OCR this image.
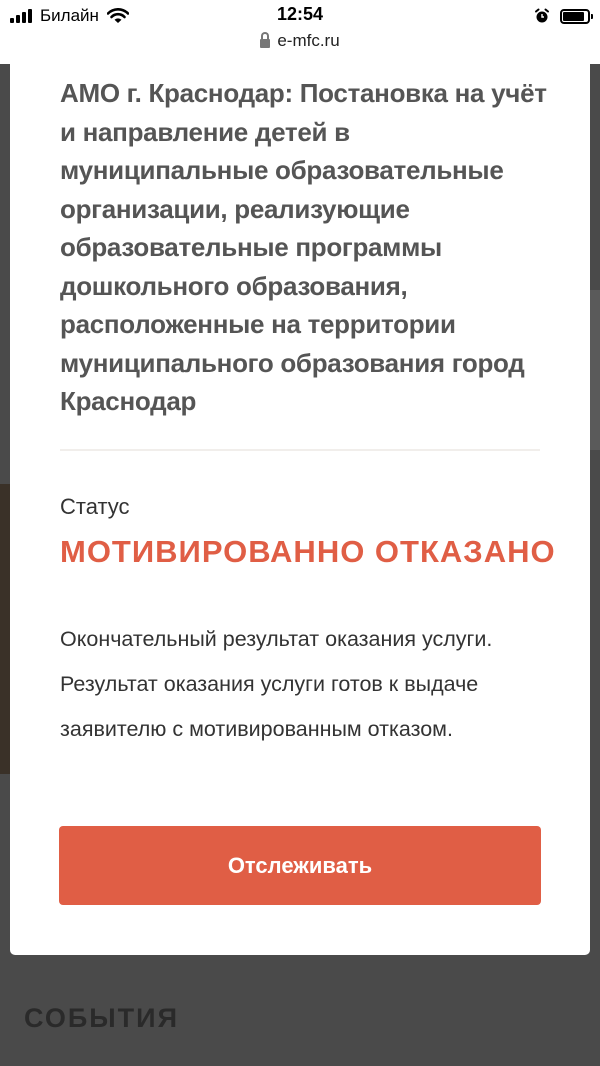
Билайн	12:54
e-mfc.ru
АМО г. Краснодар: Постановка на учёт и направление детей в муниципальные образовательные организации, реализующие образовательные программы дошкольного образования, расположенные на территории муниципального образования город Краснодар
Статус
МОТИВИРОВАННО ОТКАЗАНО
Окончательный результат оказания услуги. Результат оказания услуги готов к выдаче заявителю с мотивированным отказом.
Отслеживать
СОБЫТИЯ
